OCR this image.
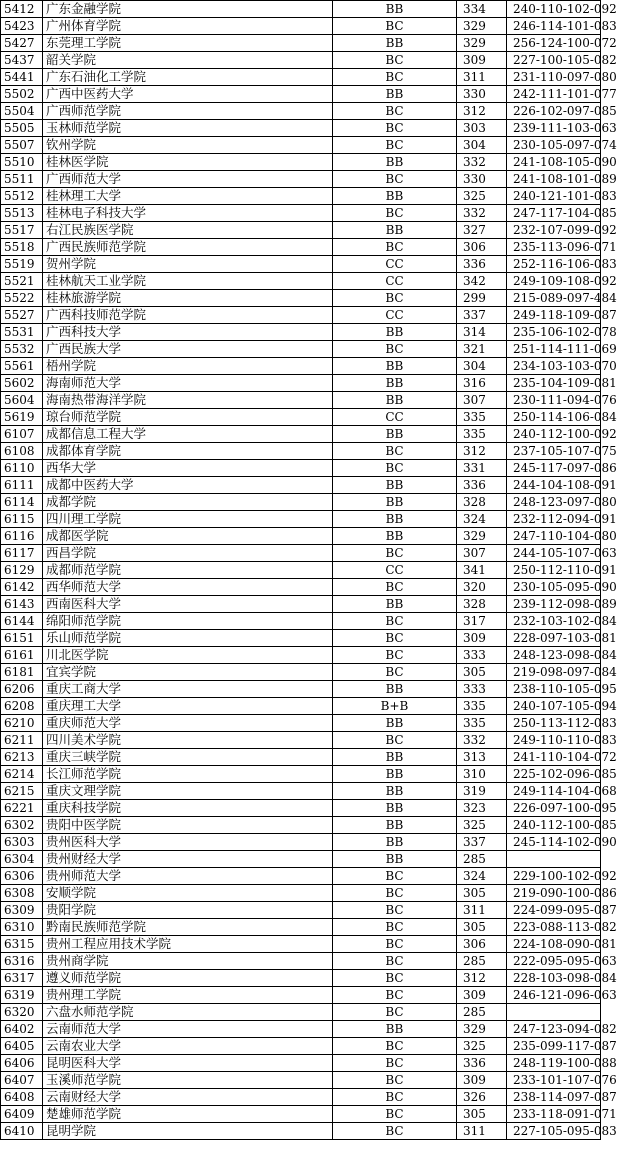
5412	广东金融学院	BB	334	240-110-102-092
5423	广州体育学院	BC	329	246-114-101-083
5427	东莞理工学院	BB	329	256-124-100-072
5437	韶关学院	BC	309	227-100-105-082
5441	广东石油化工学院	BC	311	231-110-097-080
5502	广西中医药大学	BB	330	242-111-101-077
5504	广西师范学院	BC	312	226-102-097-085
5505	玉林师范学院	BC	303	239-111-103-063
5507	钦州学院	BC	304	230-105-097-074
5510	桂林医学院	BB	332	241-108-105-090
5511	广西师范大学	BC	330	241-108-101-089
5512	桂林理工大学	BB	325	240-121-101-083
5513	桂林电子科技大学	BC	332	247-117-104-085
5517	右江民族医学院	BB	327	232-107-099-092
5518	广西民族师范学院	BC	306	235-113-096-071
5519	贺州学院	CC	336	252-116-106-083
5521	桂林航天工业学院	CC	342	249-109-108-092
5522	桂林旅游学院	BC	299	215-089-097-484
5527	广西科技师范学院	CC	337	249-118-109-087
5531	广西科技大学	BB	314	235-106-102-078
5532	广西民族大学	BC	321	251-114-111-069
5561	梧州学院	BB	304	234-103-103-070
5602	海南师范大学	BB	316	235-104-109-081
5604	海南热带海洋学院	BB	307	230-111-094-076
5619	琼台师范学院	CC	335	250-114-106-084
6107	成都信息工程大学	BB	335	240-112-100-092
6108	成都体育学院	BC	312	237-105-107-075
6110	西华大学	BC	331	245-117-097-086
6111	成都中医药大学	BB	336	244-104-108-091
6114	成都学院	BB	328	248-123-097-080
6115	四川理工学院	BB	324	232-112-094-091
6116	成都医学院	BB	329	247-110-104-080
6117	西昌学院	BC	307	244-105-107-063
6129	成都师范学院	CC	341	250-112-110-091
6142	西华师范大学	BC	320	230-105-095-090
6143	西南医科大学	BB	328	239-112-098-089
6144	绵阳师范学院	BC	317	232-103-102-084
6151	乐山师范学院	BC	309	228-097-103-081
6161	川北医学院	BC	333	248-123-098-084
6181	宜宾学院	BC	305	219-098-097-084
6206	重庆工商大学	BB	333	238-110-105-095
6208	重庆理工大学	B+B	335	240-107-105-094
6210	重庆师范大学	BB	335	250-113-112-083
6211	四川美术学院	BC	332	249-110-110-083
6213	重庆三峡学院	BB	313	241-110-104-072
6214	长江师范学院	BB	310	225-102-096-085
6215	重庆文理学院	BB	319	249-114-104-068
6221	重庆科技学院	BB	323	226-097-100-095
6302	贵阳中医学院	BB	325	240-112-100-085
6303	贵州医科大学	BB	337	245-114-102-090
6304	贵州财经大学	BB	285	
6306	贵州师范大学	BC	324	229-100-102-092
6308	安顺学院	BC	305	219-090-100-086
6309	贵阳学院	BC	311	224-099-095-087
6310	黔南民族师范学院	BC	305	223-088-113-082
6315	贵州工程应用技术学院	BC	306	224-108-090-081
6316	贵州商学院	BC	285	222-095-095-063
6317	遵义师范学院	BC	312	228-103-098-084
6319	贵州理工学院	BC	309	246-121-096-063
6320	六盘水师范学院	BC	285	
6402	云南师范大学	BB	329	247-123-094-082
6405	云南农业大学	BC	325	235-099-117-087
6406	昆明医科大学	BC	336	248-119-100-088
6407	玉溪师范学院	BC	309	233-101-107-076
6408	云南财经大学	BC	326	238-114-097-087
6409	楚雄师范学院	BC	305	233-118-091-071
6410	昆明学院	BC	311	227-105-095-083
